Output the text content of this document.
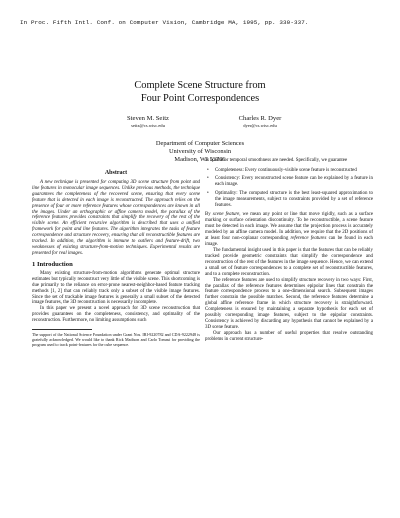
In Proc. Fifth Intl. Conf. on Computer Vision, Cambridge MA, 1995, pp. 330-337.
Complete Scene Structure from
Four Point Correspondences
Steven M. Seitz
seitz@cs.wisc.edu
Charles R. Dyer
dyer@cs.wisc.edu
Department of Computer Sciences
University of Wisconsin
Madison, WI 53706
Abstract

A new technique is presented for computing 3D scene structure from point and line features in monocular image sequences. Unlike previous methods, the technique guarantees the completeness of the recovered scene, ensuring that every scene feature that is detected in each image is reconstructed. The approach relies on the presence of four or more reference features whose correspondences are known in all the images. Under an orthographic or affine camera model, the parallax of the reference features provides constraints that simplify the recovery of the rest of the visible scene. An efficient recursive algorithm is described that uses a unified framework for point and line features. The algorithm integrates the tasks of feature correspondence and structure recovery, ensuring that all reconstructible features are tracked. In addition, the algorithm is immune to outliers and feature-drift, two weaknesses of existing structure-from-motion techniques. Experimental results are presented for real images.

1 Introduction

Many existing structure-from-motion algorithms generate optimal structure estimates but typically reconstruct very little of the visible scene. This shortcoming is due primarily to the reliance on error-prone nearest-neighbor-based feature tracking methods [1, 2] that can reliably track only a subset of the visible image features. Since the set of trackable image features is generally a small subset of the detected image features, the 3D reconstruction is necessarily incomplete.

In this paper we present a novel approach for 3D scene reconstruction that provides guarantees on the completeness, consistency, and optimality of the reconstruction. Furthermore, no limiting assumptions such

The support of the National Science Foundation under Grant Nos. IRI-9220782 and CDA-9222948 is gratefully acknowledged. We would like to thank Rick Madison and Carlo Tomasi for providing the program used to track point-features for the cube sequence.

as spatial or temporal smoothness are needed. Specifically, we guarantee

• Completeness: Every continuously-visible scene feature is reconstructed
• Consistency: Every reconstructed scene feature can be explained by a feature in each image.
• Optimality: The computed structure is the best least-squared approximation to the image measurements, subject to constraints provided by a set of reference features.

By scene feature, we mean any point or line that move rigidly, such as a surface marking or surface orientation discontinuity. To be reconstructible, a scene feature must be detected in each image. We assume that the projection process is accurately modeled by an affine camera model. In addition, we require that the 2D positions of at least four non-coplanar corresponding reference features can be found in each image.

The fundamental insight used in this paper is that the features that can be reliably tracked provide geometric constraints that simplify the correspondence and reconstruction of the rest of the features in the image sequence. Hence, we can extend a small set of feature correspondences to a complete set of reconstructible features, and to a complete reconstruction.

The reference features are used to simplify structure recovery in two ways: First, the parallax of the reference features determines epipolar lines that constrain the feature correspondence process to a one-dimensional search. Subsequent images further constrain the possible matches. Second, the reference features determine a global affine reference frame in which structure recovery is straightforward. Completeness is ensured by maintaining a separate hypothesis for each set of possibly corresponding image features, subject to the epipolar constraints. Consistency is achieved by discarding any hypothesis that cannot be explained by a 3D scene feature.

Our approach has a number of useful properties that resolve outstanding problems in current structure-
